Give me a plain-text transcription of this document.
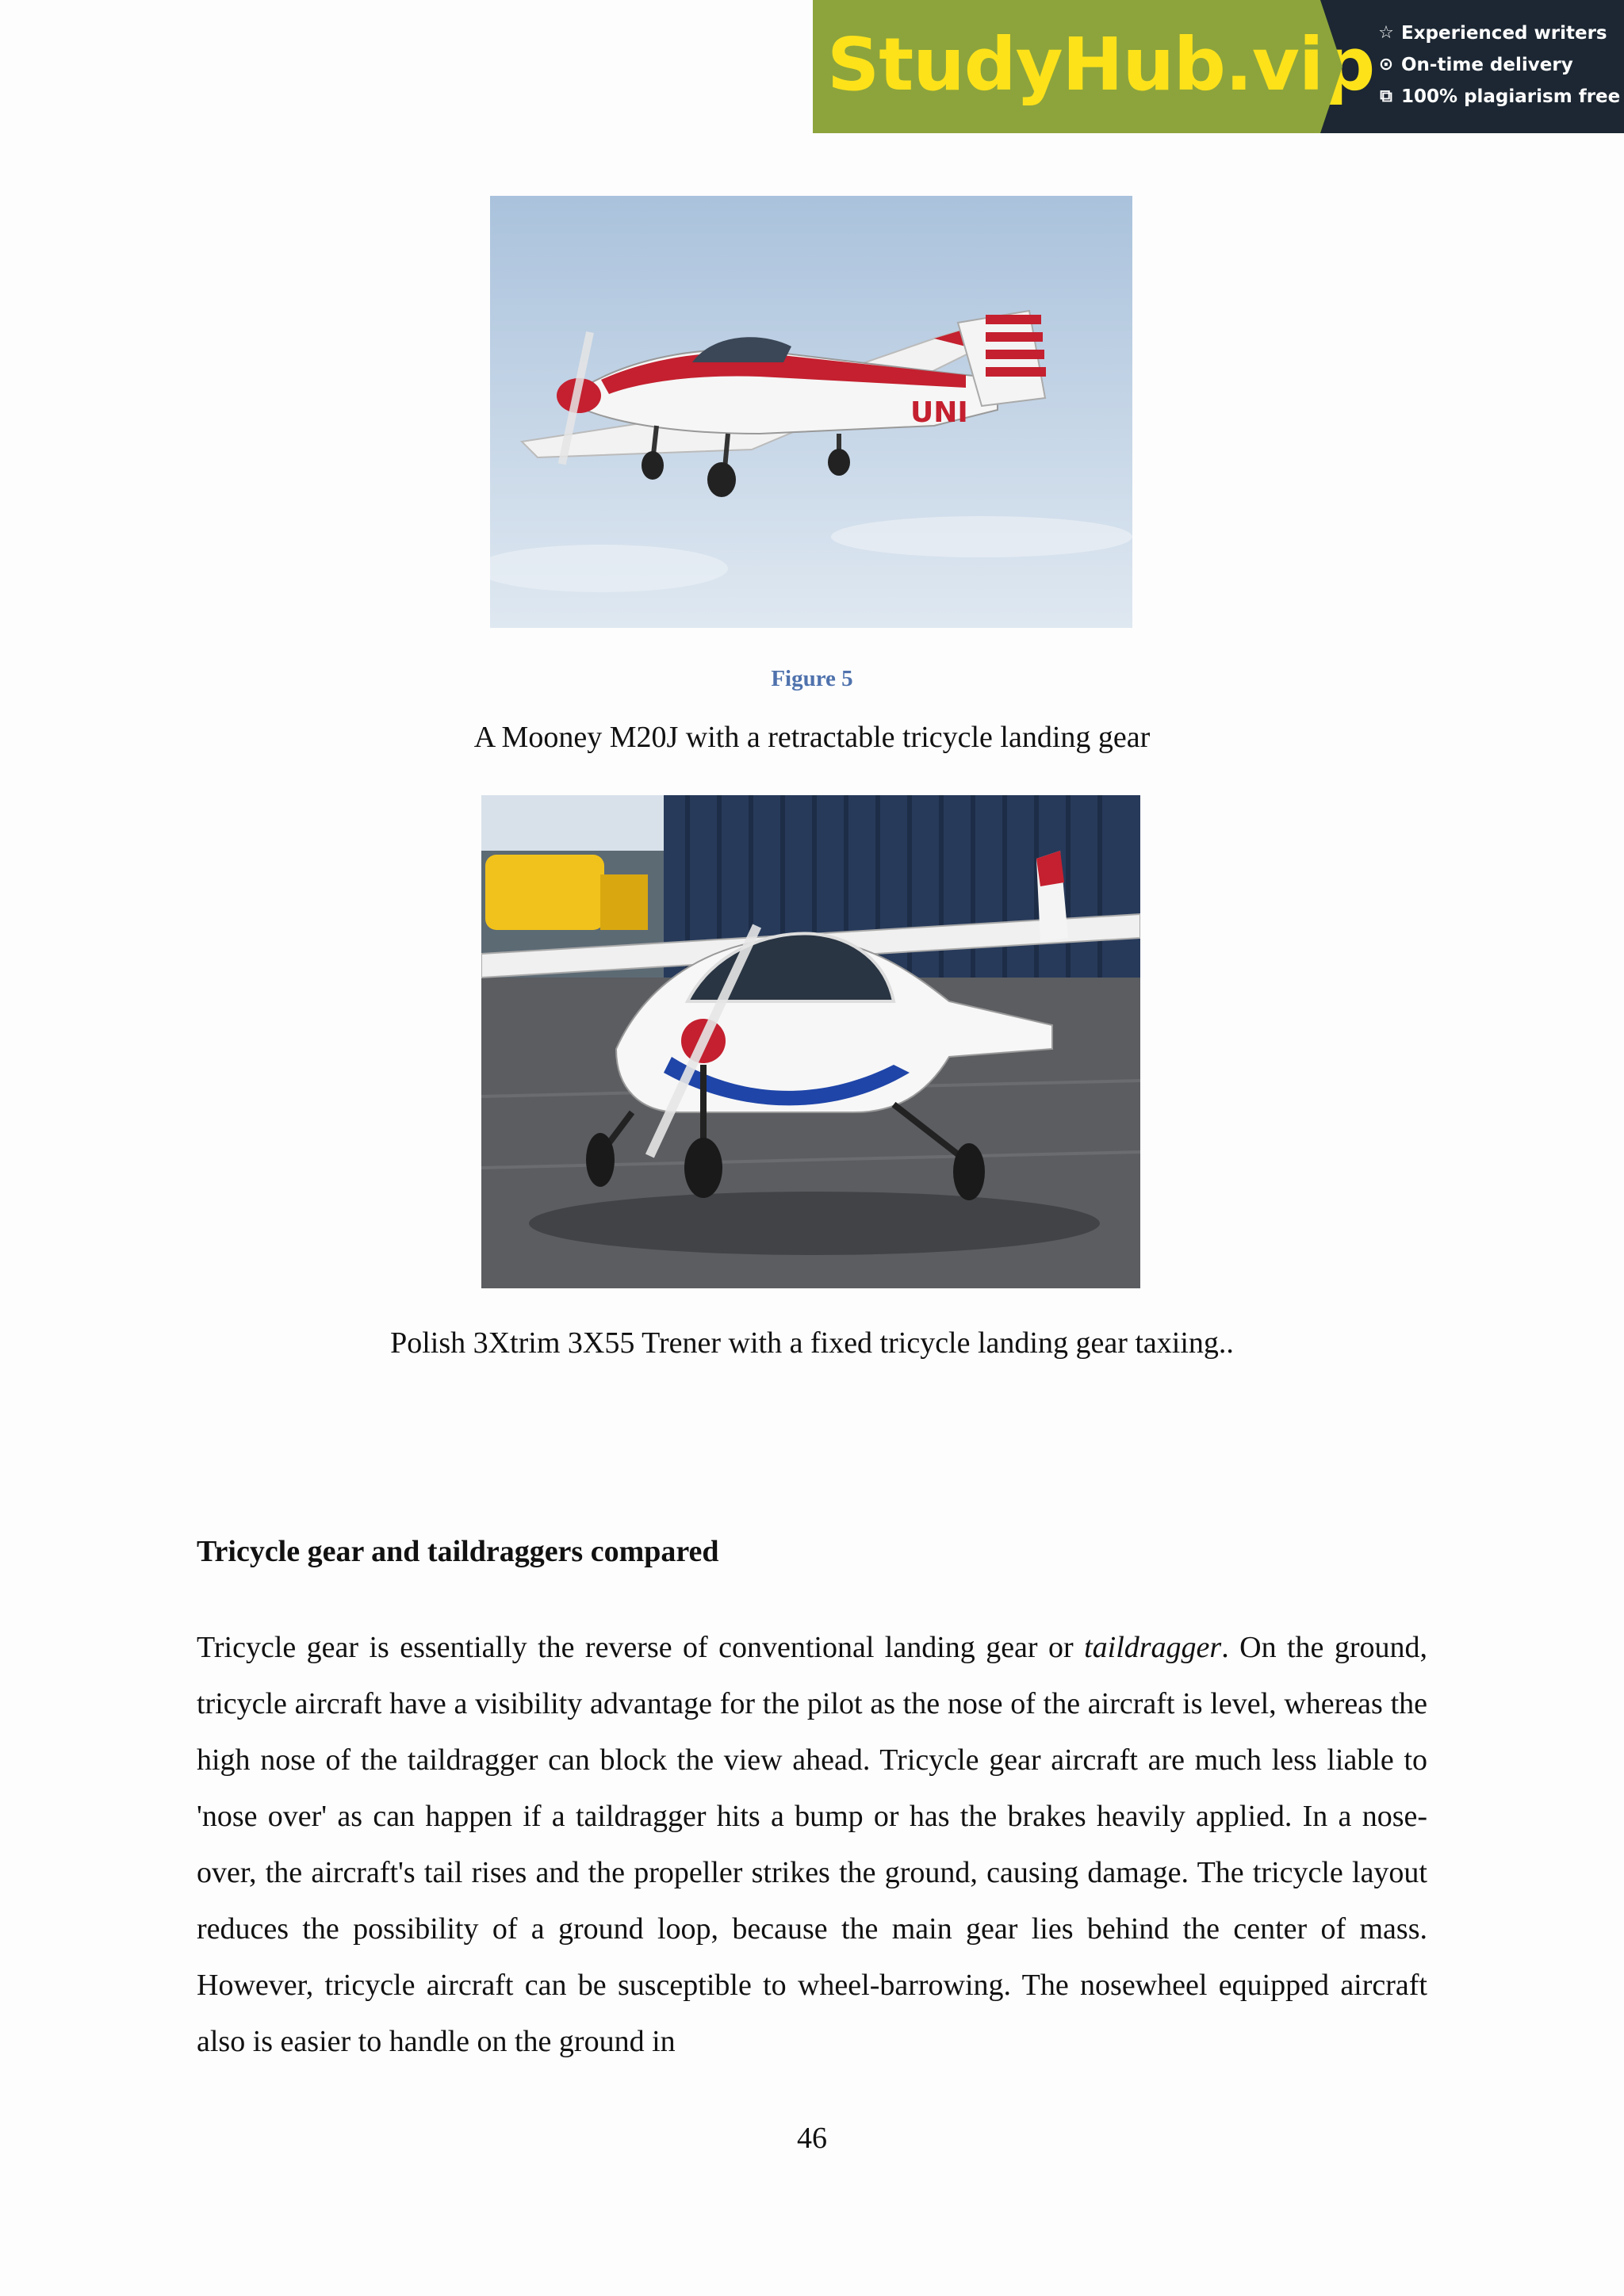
StudyHub.vip ☆ Experienced writers
⊙ On-time delivery
⧉ 100% plagiarism free
UNI
Figure 5
A Mooney M20J with a retractable tricycle landing gear
Polish 3Xtrim 3X55 Trener with a fixed tricycle landing gear taxiing..
Tricycle gear and taildraggers compared
Tricycle gear is essentially the reverse of conventional landing gear or taildragger. On the ground, tricycle aircraft have a visibility advantage for the pilot as the nose of the aircraft is level, whereas the high nose of the taildragger can block the view ahead. Tricycle gear aircraft are much less liable to 'nose over' as can happen if a taildragger hits a bump or has the brakes heavily applied. In a nose-over, the aircraft's tail rises and the propeller strikes the ground, causing damage. The tricycle layout reduces the possibility of a ground loop, because the main gear lies behind the center of mass. However, tricycle aircraft can be susceptible to wheel-barrowing. The nosewheel equipped aircraft also is easier to handle on the ground in
46
